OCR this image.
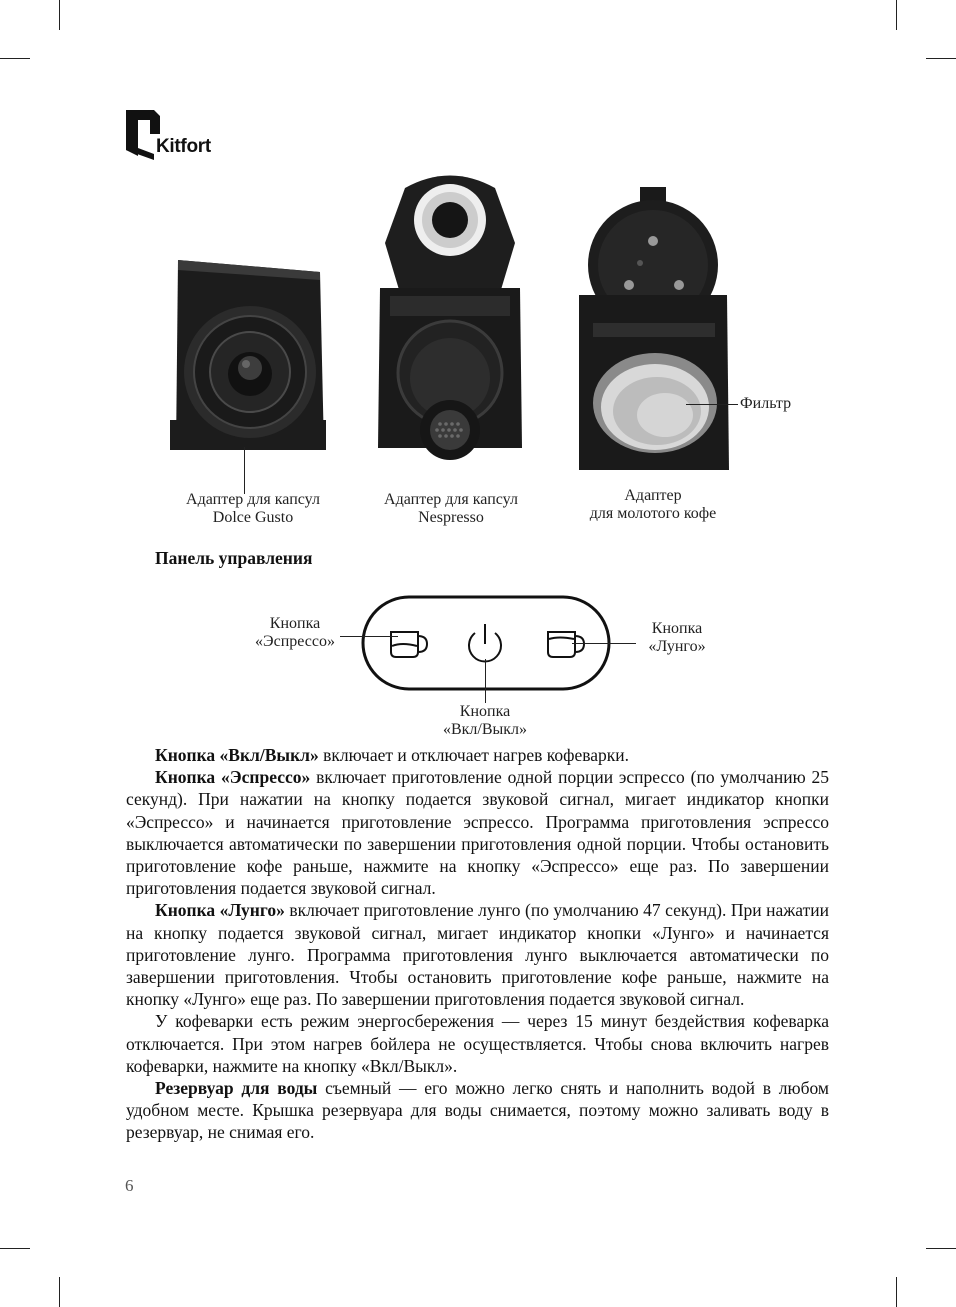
Kitfort
Адаптер для капсул
Dolce Gusto
Адаптер для капсул
Nespresso
Фильтр
Адаптер
для молотого кофе
Панель управления
Кнопка
«Эспрессо»
Кнопка
«Лунго»
Кнопка
«Вкл/Выкл»

Кнопка «Вкл/Выкл» включает и отключает нагрев кофеварки.

Кнопка «Эспрессо» включает приготовление одной порции эспрессо (по умолчанию 25 секунд). При нажатии на кнопку подается звуковой сигнал, мигает индикатор кнопки «Эспрессо» и начинается приготовление эспрессо. Программа приготовления эспрессо выключается автоматически по завершении приготовления одной порции. Чтобы остановить приготовление кофе раньше, нажмите на кнопку «Эспрессо» еще раз. По завершении приготовления подается звуковой сигнал.

Кнопка «Лунго» включает приготовление лунго (по умолчанию 47 секунд). При нажатии на кнопку подается звуковой сигнал, мигает индикатор кнопки «Лунго» и начинается приготовление лунго. Программа приготовления лунго выключается автоматически по завершении приготовления. Чтобы остановить приготовление кофе раньше, нажмите на кнопку «Лунго» еще раз. По завершении приготовления подается звуковой сигнал.

У кофеварки есть режим энергосбережения — через 15 минут бездействия кофеварка отключается. При этом нагрев бойлера не осуществляется. Чтобы снова включить нагрев кофеварки, нажмите на кнопку «Вкл/Выкл».

Резервуар для воды съемный — его можно легко снять и наполнить водой в любом удобном месте. Крышка резервуара для воды снимается, поэтому можно заливать воду в резервуар, не снимая его.

6
